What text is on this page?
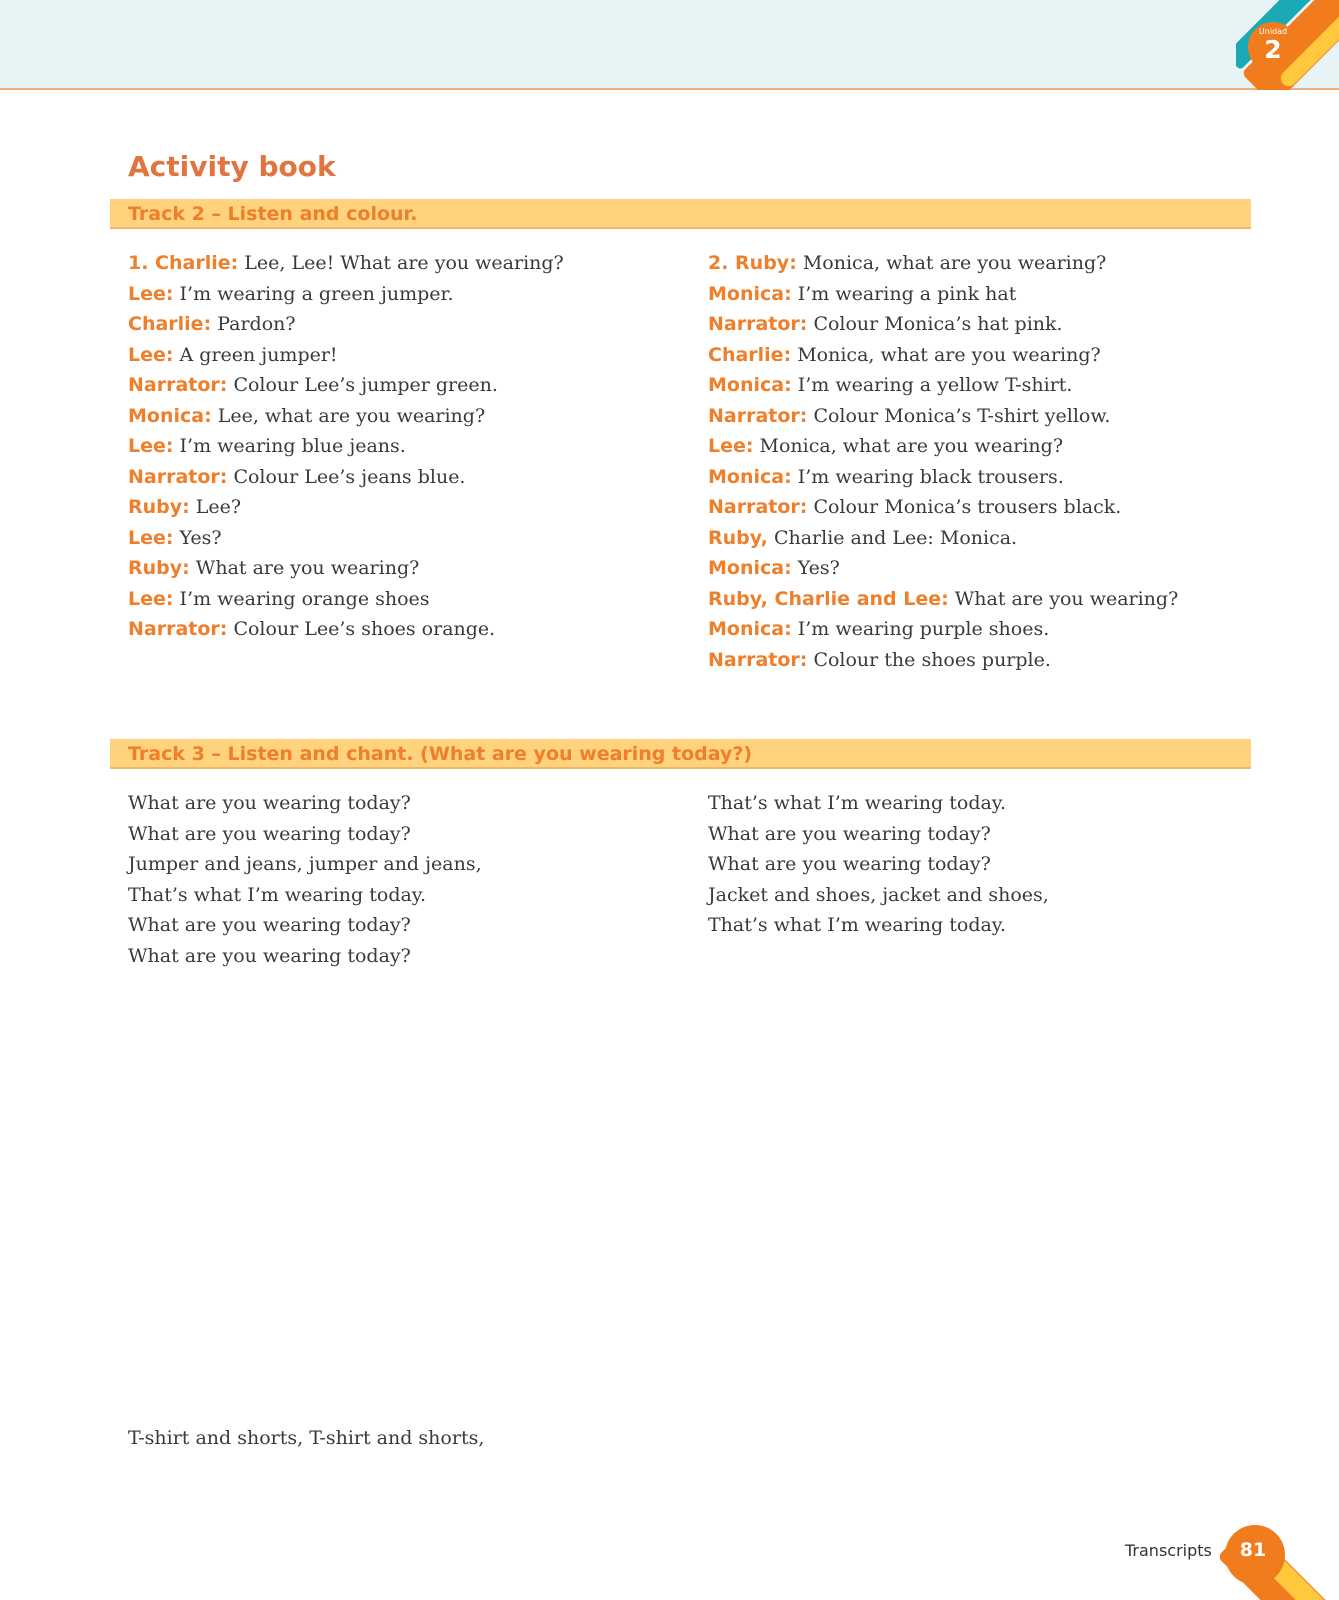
Unidad
2
Activity book
Track 2 – Listen and colour.
1. Charlie: Lee, Lee! What are you wearing?
Lee: I’m wearing a green jumper.
Charlie: Pardon?
Lee: A green jumper!
Narrator: Colour Lee’s jumper green.
Monica: Lee, what are you wearing?
Lee: I’m wearing blue jeans.
Narrator: Colour Lee’s jeans blue.
Ruby: Lee?
Lee: Yes?
Ruby: What are you wearing?
Lee: I’m wearing orange shoes
Narrator: Colour Lee’s shoes orange.
2. Ruby: Monica, what are you wearing?
Monica: I’m wearing a pink hat
Narrator: Colour Monica’s hat pink.
Charlie: Monica, what are you wearing?
Monica: I’m wearing a yellow T-shirt.
Narrator: Colour Monica’s T-shirt yellow.
Lee: Monica, what are you wearing?
Monica: I’m wearing black trousers.
Narrator: Colour Monica’s trousers black.
Ruby, Charlie and Lee: Monica.
Monica: Yes?
Ruby, Charlie and Lee: What are you wearing?
Monica: I’m wearing purple shoes.
Narrator: Colour the shoes purple.
Track 3 – Listen and chant. (What are you wearing today?)
What are you wearing today?
What are you wearing today?
Jumper and jeans, jumper and jeans,
That’s what I’m wearing today.
What are you wearing today?
What are you wearing today?
That’s what I’m wearing today.
What are you wearing today?
What are you wearing today?
Jacket and shoes, jacket and shoes,
That’s what I’m wearing today.
T-shirt and shorts, T-shirt and shorts,
Transcripts	81
